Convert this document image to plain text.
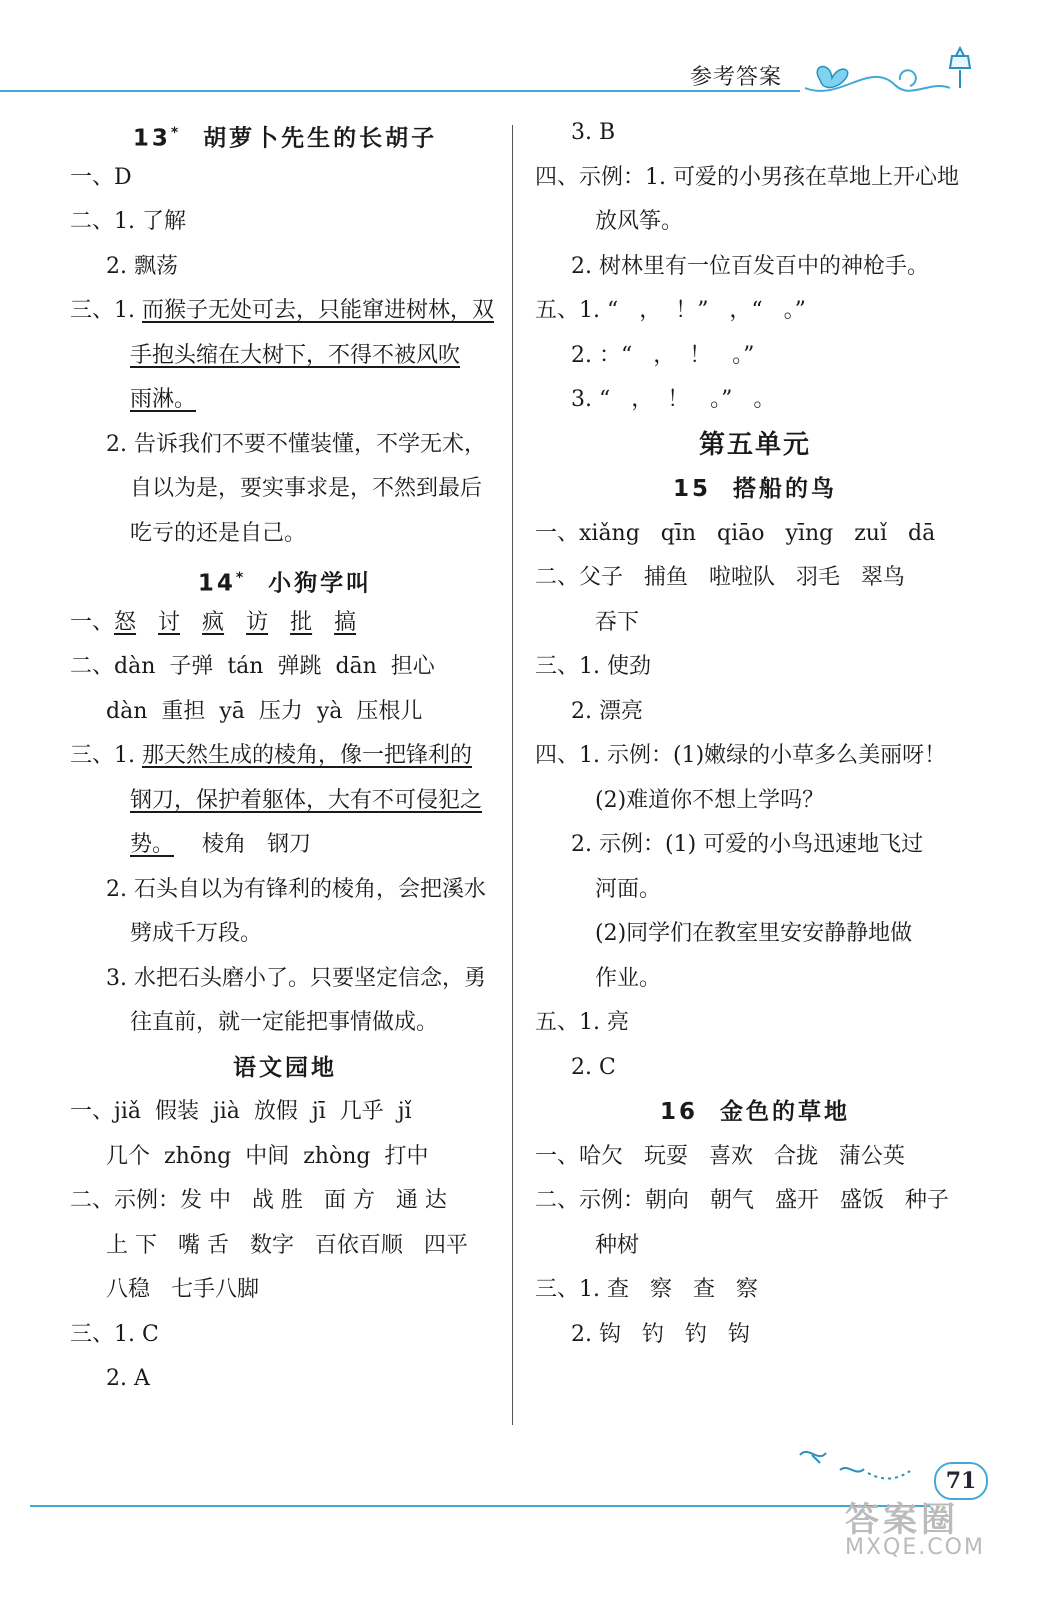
参考答案
13* 胡萝卜先生的长胡子
一、D
二、1. 了解
2. 飘荡
三、1. 而猴子无处可去，只能窜进树林，双
手抱头缩在大树下，不得不被风吹
雨淋。
2. 告诉我们不要不懂装懂，不学无术，
自以为是，要实事求是，不然到最后
吃亏的还是自己。
14* 小狗学叫
一、怒 讨 疯 访 批 搞
二、dàn  子弹  tán  弹跳  dān  担心
dàn  重担  yā  压力  yà  压根儿
三、1. 那天然生成的棱角，像一把锋利的
钢刀，保护着躯体，大有不可侵犯之
势。    棱角   钢刀
2. 石头自以为有锋利的棱角，会把溪水
劈成千万段。
3. 水把石头磨小了。只要坚定信念，勇
往直前，就一定能把事情做成。
语文园地
一、jiǎ  假装  jià  放假  jī  几乎  jǐ
几个  zhōng  中间  zhòng  打中
二、示例：发 中   战 胜   面 方   通 达
上 下   嘴 舌   数字   百依百顺   四平
八稳   七手八脚
三、1. C
2. A
3. B
四、示例：1. 可爱的小男孩在草地上开心地
放风筝。
2. 树林里有一位百发百中的神枪手。
五、1. “   ，  ！”   ，“   。”
2. ：“   ，  ！   。”
3. “   ，  ！   。”   。
第五单元
15 搭船的鸟
一、xiǎng   qīn   qiāo   yīng   zuǐ   dā
二、父子   捕鱼   啦啦队   羽毛   翠鸟
吞下
三、1. 使劲
2. 漂亮
四、1. 示例：(1)嫩绿的小草多么美丽呀！
(2)难道你不想上学吗？
2. 示例：(1) 可爱的小鸟迅速地飞过
河面。
(2)同学们在教室里安安静静地做
作业。
五、1. 亮
2. C
16 金色的草地
一、哈欠   玩耍   喜欢   合拢   蒲公英
二、示例：朝向   朝气   盛开   盛饭   种子
种树
三、1. 查   察   查   察
2. 钩   钓   钓   钩
71
答案圈
MXQE.COM
